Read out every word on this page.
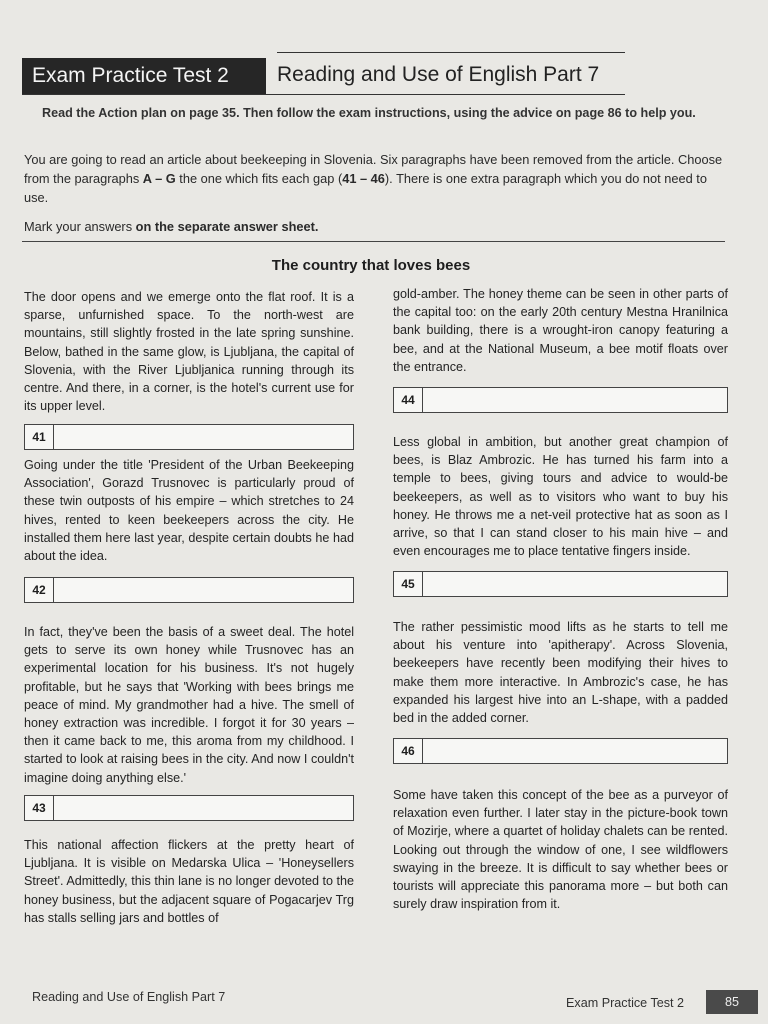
Exam Practice Test 2	Reading and Use of English Part 7
Read the Action plan on page 35. Then follow the exam instructions, using the advice on page 86 to help you.

You are going to read an article about beekeeping in Slovenia. Six paragraphs have been removed from the article. Choose from the paragraphs A – G the one which fits each gap (41 – 46). There is one extra paragraph which you do not need to use.

Mark your answers on the separate answer sheet.

The country that loves bees

The door opens and we emerge onto the flat roof. It is a sparse, unfurnished space. To the north-west are mountains, still slightly frosted in the late spring sunshine. Below, bathed in the same glow, is Ljubljana, the capital of Slovenia, with the River Ljubljanica running through its centre. And there, in a corner, is the hotel's current use for its upper level.

41

Going under the title 'President of the Urban Beekeeping Association', Gorazd Trusnovec is particularly proud of these twin outposts of his empire – which stretches to 24 hives, rented to keen beekeepers across the city. He installed them here last year, despite certain doubts he had about the idea.

42

In fact, they've been the basis of a sweet deal. The hotel gets to serve its own honey while Trusnovec has an experimental location for his business. It's not hugely profitable, but he says that 'Working with bees brings me peace of mind. My grandmother had a hive. The smell of honey extraction was incredible. I forgot it for 30 years – then it came back to me, this aroma from my childhood. I started to look at raising bees in the city. And now I couldn't imagine doing anything else.'

43

This national affection flickers at the pretty heart of Ljubljana. It is visible on Medarska Ulica – 'Honeysellers Street'. Admittedly, this thin lane is no longer devoted to the honey business, but the adjacent square of Pogacarjev Trg has stalls selling jars and bottles of

gold-amber. The honey theme can be seen in other parts of the capital too: on the early 20th century Mestna Hranilnica bank building, there is a wrought-iron canopy featuring a bee, and at the National Museum, a bee motif floats over the entrance.

44

Less global in ambition, but another great champion of bees, is Blaz Ambrozic. He has turned his farm into a temple to bees, giving tours and advice to would-be beekeepers, as well as to visitors who want to buy his honey. He throws me a net-veil protective hat as soon as I arrive, so that I can stand closer to his main hive – and even encourages me to place tentative fingers inside.

45

The rather pessimistic mood lifts as he starts to tell me about his venture into 'apitherapy'. Across Slovenia, beekeepers have recently been modifying their hives to make them more interactive. In Ambrozic's case, he has expanded his largest hive into an L-shape, with a padded bed in the added corner.

46

Some have taken this concept of the bee as a purveyor of relaxation even further. I later stay in the picture-book town of Mozirje, where a quartet of holiday chalets can be rented. Looking out through the window of one, I see wildflowers swaying in the breeze. It is difficult to say whether bees or tourists will appreciate this panorama more – but both can surely draw inspiration from it.

Reading and Use of English Part 7	Exam Practice Test 2	85
